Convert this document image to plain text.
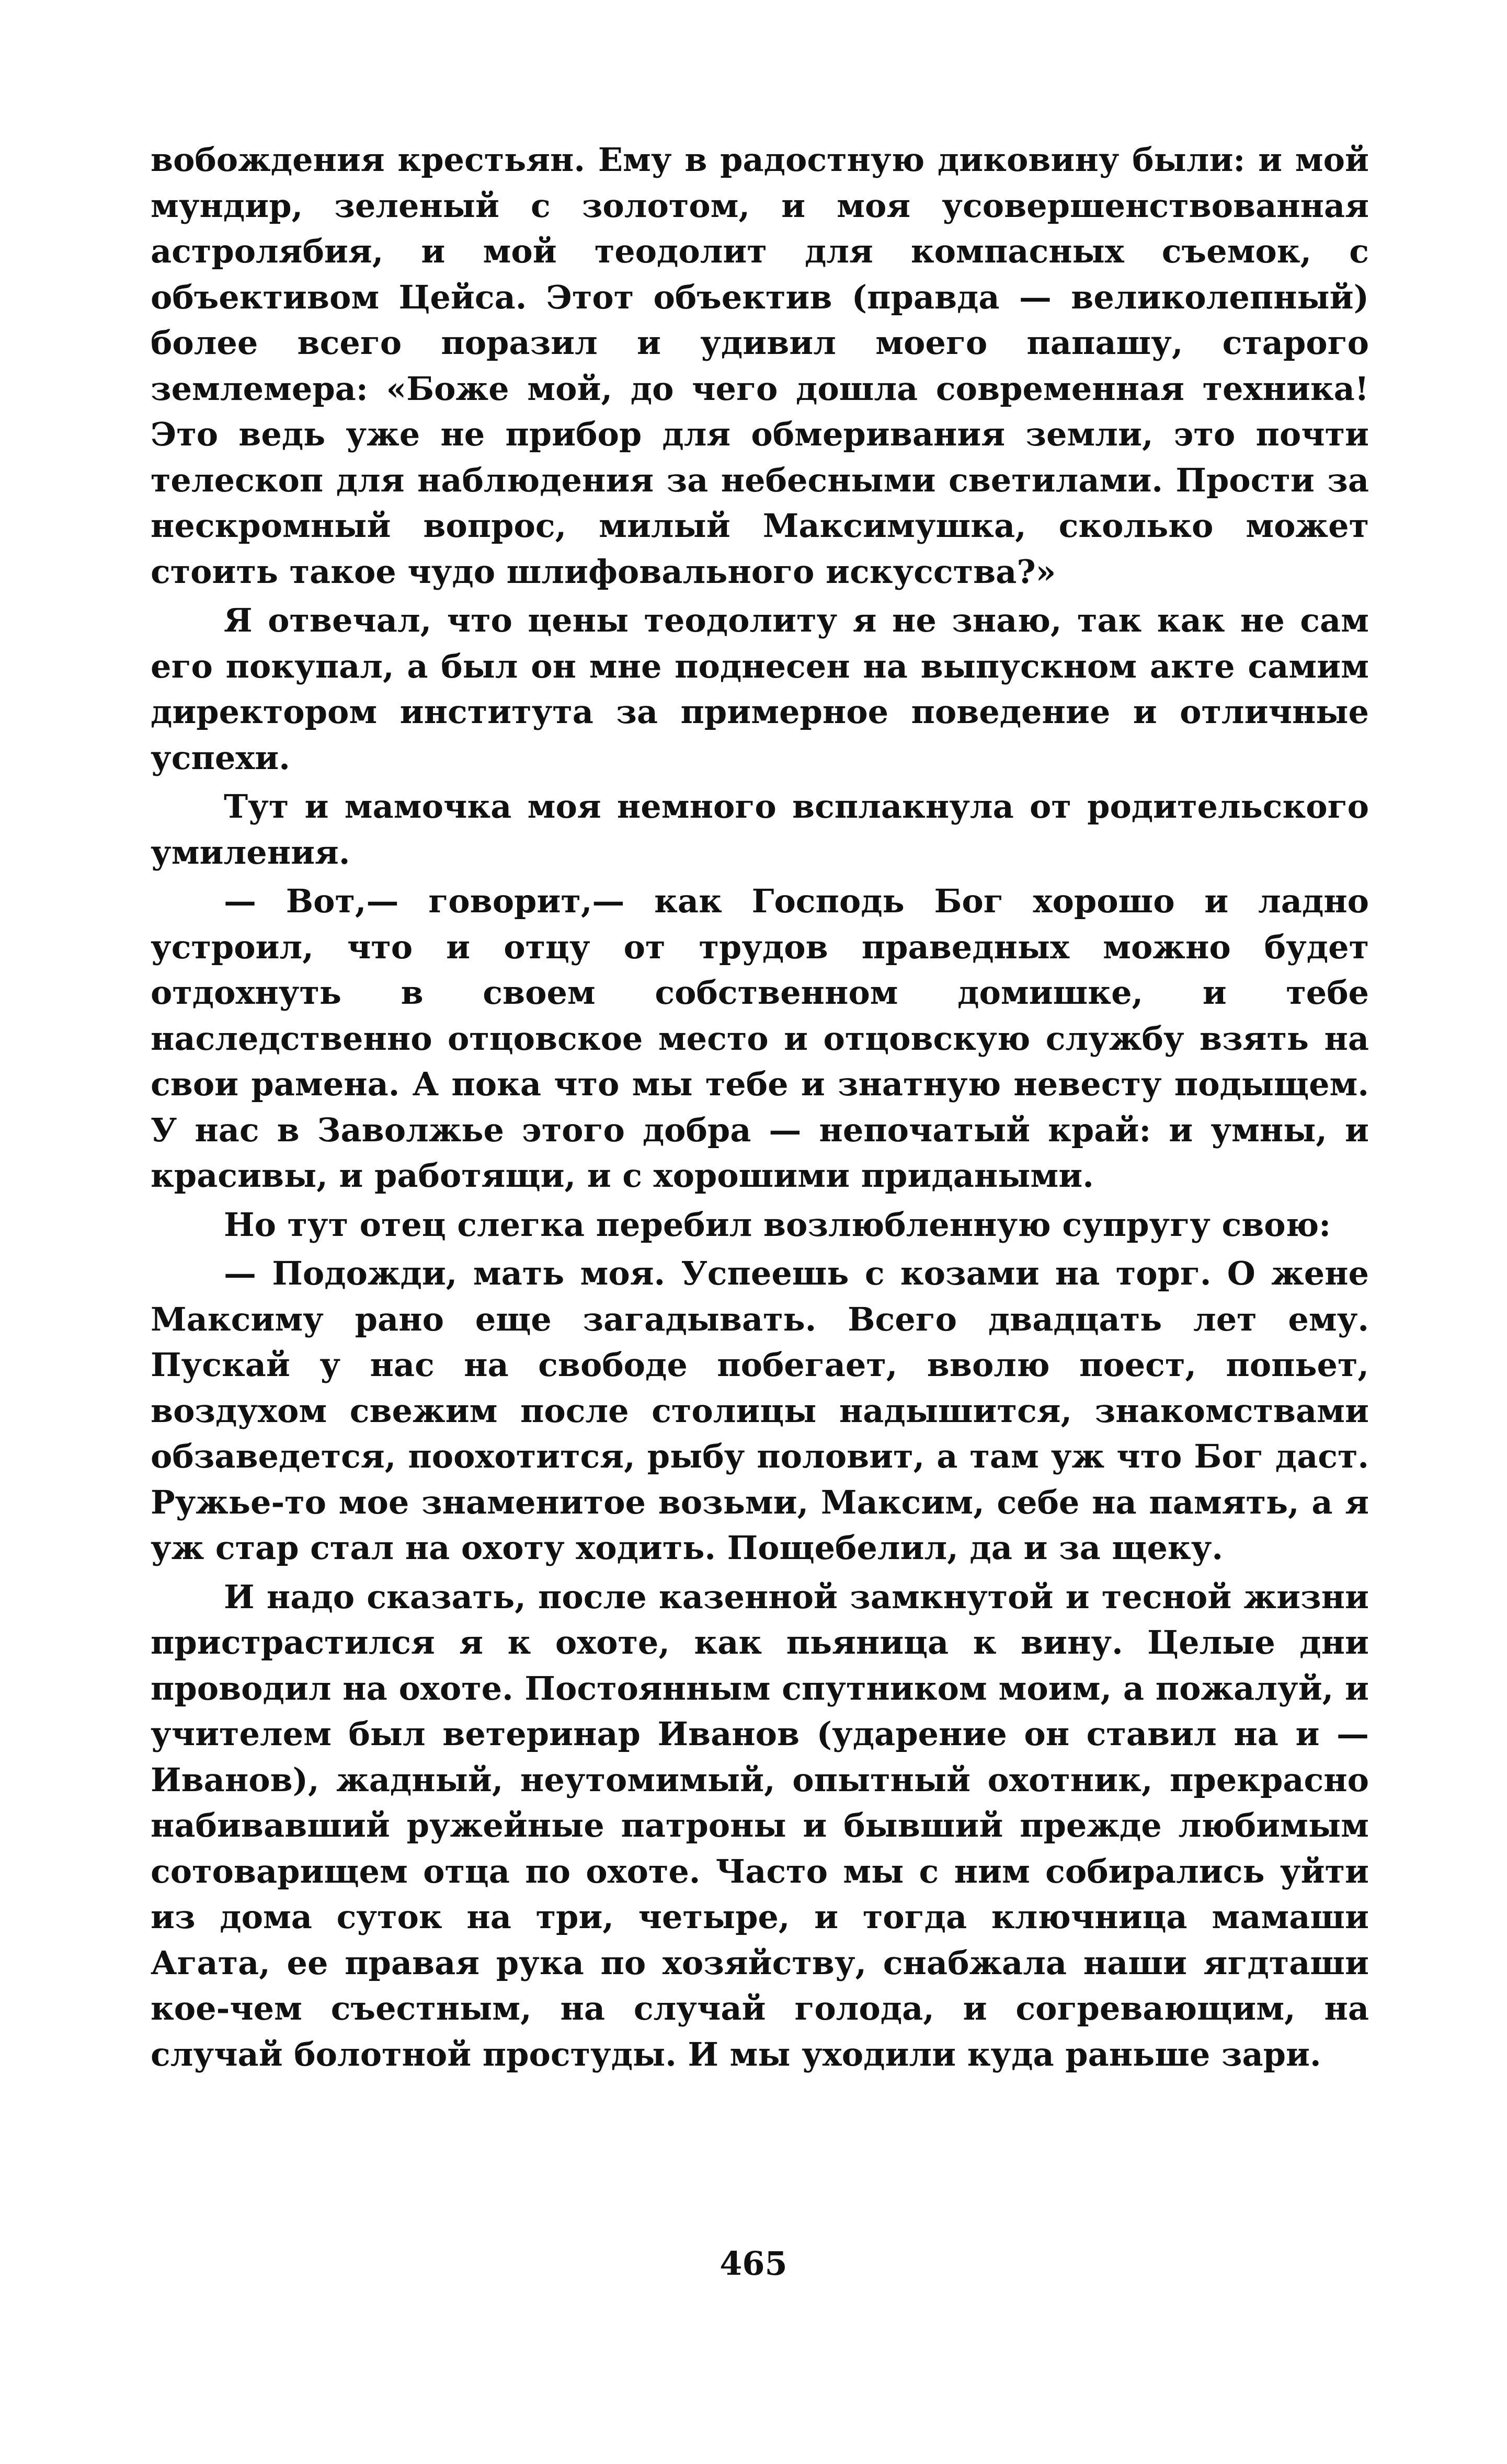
вобождения крестьян. Ему в радостную диковину были: и мой мундир, зеленый с золотом, и моя усовершенствованная астролябия, и мой теодолит для компасных съемок, с объективом Цейса. Этот объектив (правда — великолепный) более всего поразил и удивил моего папашу, старого землемера: «Боже мой, до чего дошла современная техника! Это ведь уже не прибор для обмеривания земли, это почти телескоп для наблюдения за небесными светилами. Прости за нескромный вопрос, милый Максимушка, сколько может стоить такое чудо шлифовального искусства?»

Я отвечал, что цены теодолиту я не знаю, так как не сам его покупал, а был он мне поднесен на выпускном акте самим директором института за примерное поведение и отличные успехи.

Тут и мамочка моя немного всплакнула от родительского умиления.

— Вот,— говорит,— как Господь Бог хорошо и ладно устроил, что и отцу от трудов праведных можно будет отдохнуть в своем собственном домишке, и тебе наследственно отцовское место и отцовскую службу взять на свои рамена. А пока что мы тебе и знатную невесту подыщем. У нас в Заволжье этого добра — непочатый край: и умны, и красивы, и работящи, и с хорошими придаными.

Но тут отец слегка перебил возлюбленную супругу свою:

— Подожди, мать моя. Успеешь с козами на торг. О жене Максиму рано еще загадывать. Всего двадцать лет ему. Пускай у нас на свободе побегает, вволю поест, попьет, воздухом свежим после столицы надышится, знакомствами обзаведется, поохотится, рыбу половит, а там уж что Бог даст. Ружье-то мое знаменитое возьми, Максим, себе на память, а я уж стар стал на охоту ходить. Пощебелил, да и за щеку.

И надо сказать, после казенной замкнутой и тесной жизни пристрастился я к охоте, как пьяница к вину. Целые дни проводил на охоте. Постоянным спутником моим, а пожалуй, и учителем был ветеринар Иванов (ударение он ставил на и — Иванов), жадный, неутомимый, опытный охотник, прекрасно набивавший ружейные патроны и бывший прежде любимым сотоварищем отца по охоте. Часто мы с ним собирались уйти из дома суток на три, четыре, и тогда ключница мамаши Агата, ее правая рука по хозяйству, снабжала наши ягдташи кое-чем съестным, на случай голода, и согревающим, на случай болотной простуды. И мы уходили куда раньше зари.

465
